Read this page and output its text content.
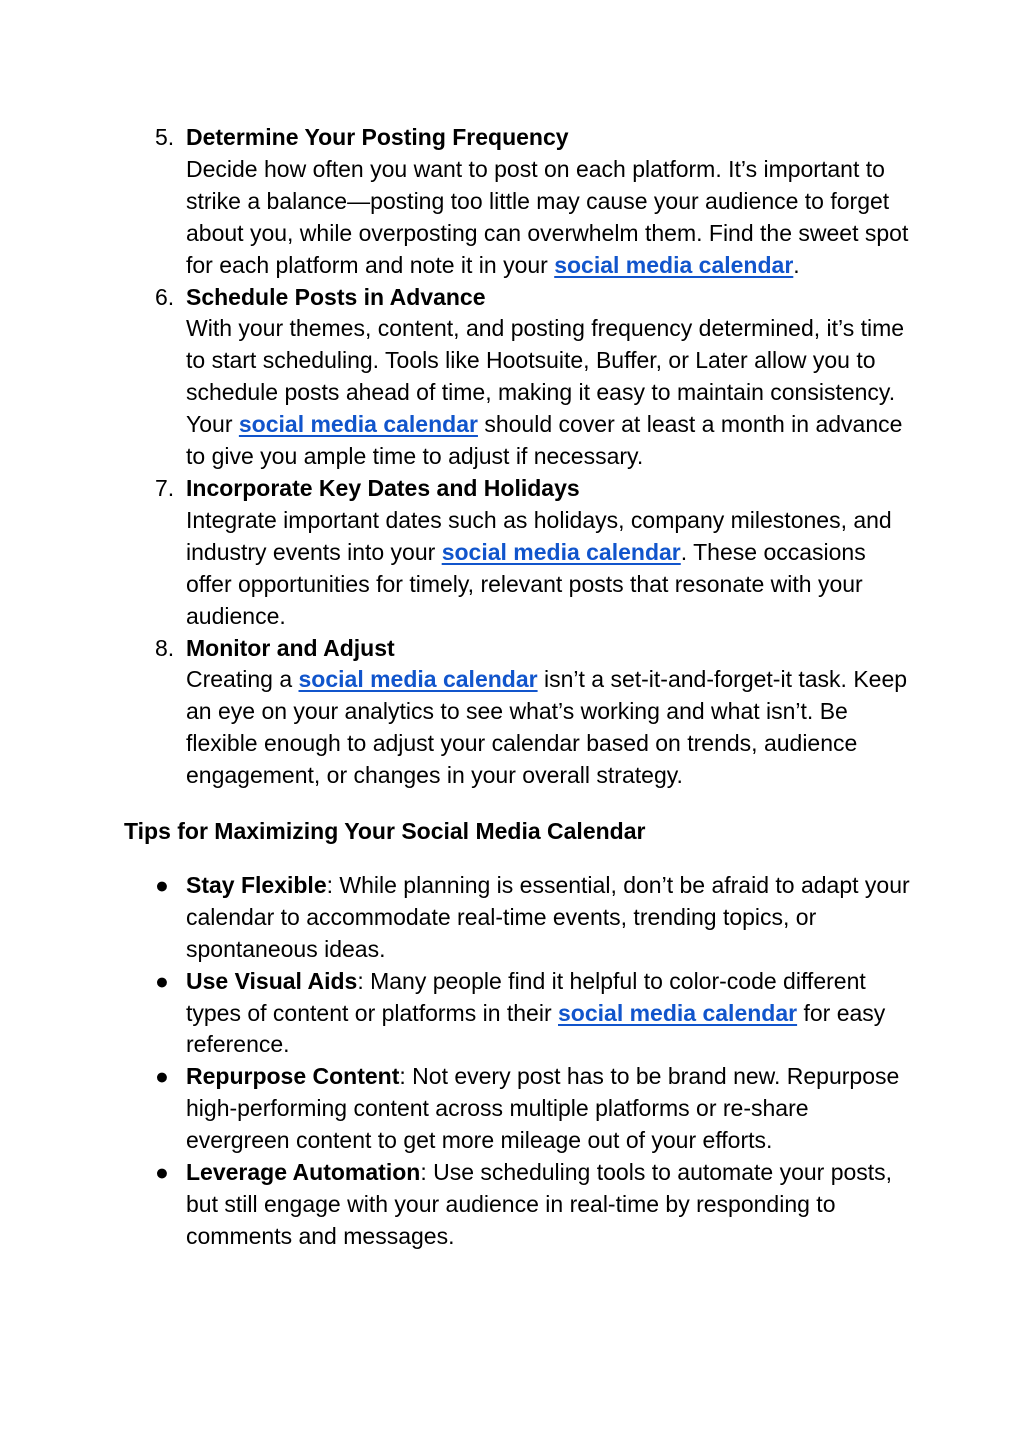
5. Determine Your Posting Frequency
Decide how often you want to post on each platform. It’s important to strike a balance—posting too little may cause your audience to forget about you, while overposting can overwhelm them. Find the sweet spot for each platform and note it in your social media calendar.
6. Schedule Posts in Advance
With your themes, content, and posting frequency determined, it’s time to start scheduling. Tools like Hootsuite, Buffer, or Later allow you to schedule posts ahead of time, making it easy to maintain consistency. Your social media calendar should cover at least a month in advance to give you ample time to adjust if necessary.
7. Incorporate Key Dates and Holidays
Integrate important dates such as holidays, company milestones, and industry events into your social media calendar. These occasions offer opportunities for timely, relevant posts that resonate with your audience.
8. Monitor and Adjust
Creating a social media calendar isn’t a set-it-and-forget-it task. Keep an eye on your analytics to see what’s working and what isn’t. Be flexible enough to adjust your calendar based on trends, audience engagement, or changes in your overall strategy.
Tips for Maximizing Your Social Media Calendar
● Stay Flexible: While planning is essential, don’t be afraid to adapt your calendar to accommodate real-time events, trending topics, or spontaneous ideas.
● Use Visual Aids: Many people find it helpful to color-code different types of content or platforms in their social media calendar for easy reference.
● Repurpose Content: Not every post has to be brand new. Repurpose high-performing content across multiple platforms or re-share evergreen content to get more mileage out of your efforts.
● Leverage Automation: Use scheduling tools to automate your posts, but still engage with your audience in real-time by responding to comments and messages.
